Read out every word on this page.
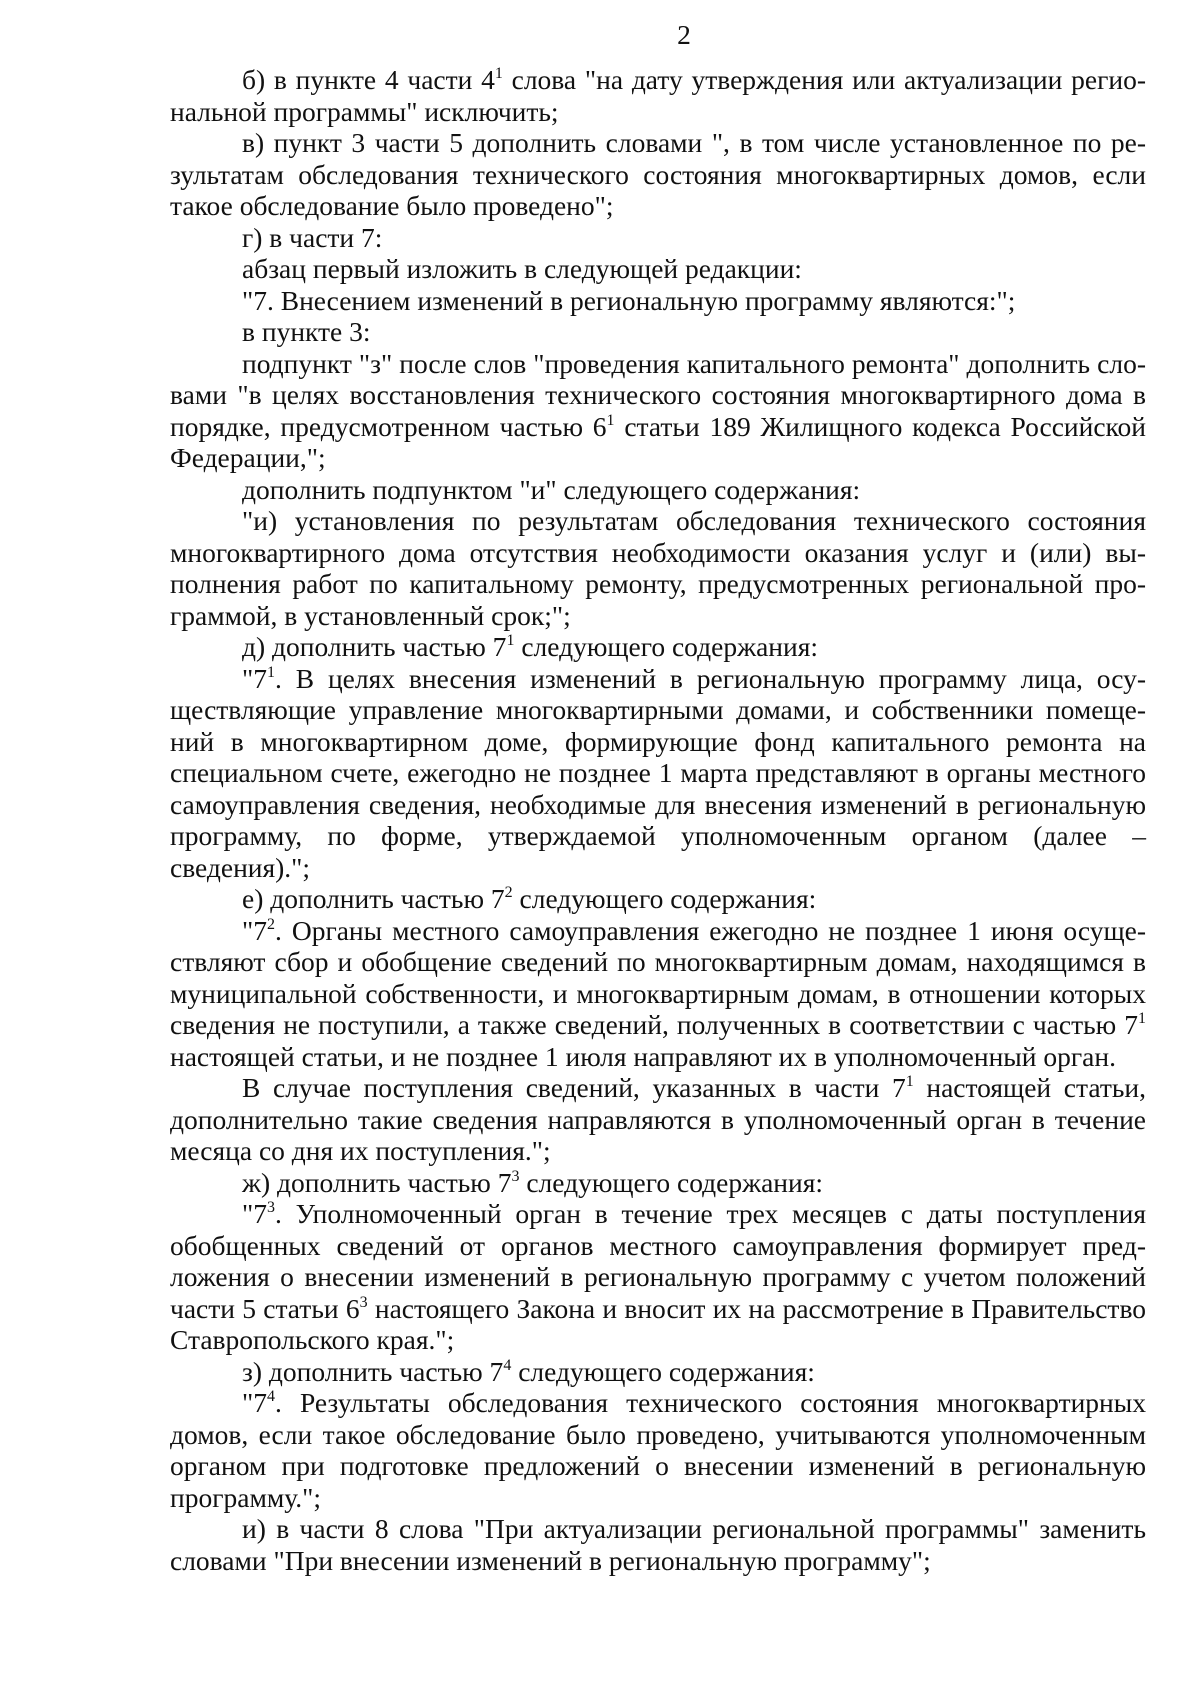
2

б) в пункте 4 части $4^1$ слова "на дату утверждения или актуализации региональной программы" исключить;

в) пункт 3 части 5 дополнить словами ", в том числе установленное по результатам обследования технического состояния многоквартирных домов, если такое обследование было проведено";

г) в части 7:

абзац первый изложить в следующей редакции:

"7. Внесением изменений в региональную программу являются:";

в пункте 3:

подпункт "з" после слов "проведения капитального ремонта" дополнить словами "в целях восстановления технического состояния многоквартирного дома в порядке, предусмотренном частью $6^1$ статьи 189 Жилищного кодекса Российской Федерации,";

дополнить подпунктом "и" следующего содержания:

"и) установления по результатам обследования технического состояния многоквартирного дома отсутствия необходимости оказания услуг и (или) выполнения работ по капитальному ремонту, предусмотренных региональной программой, в установленный срок;";

д) дополнить частью $7^1$ следующего содержания:

"$7^1$. В целях внесения изменений в региональную программу лица, осуществляющие управление многоквартирными домами, и собственники помещений в многоквартирном доме, формирующие фонд капитального ремонта на специальном счете, ежегодно не позднее 1 марта представляют в органы местного самоуправления сведения, необходимые для внесения изменений в региональную программу, по форме, утверждаемой уполномоченным органом (далее – сведения).";

е) дополнить частью $7^2$ следующего содержания:

"$7^2$. Органы местного самоуправления ежегодно не позднее 1 июня осуществляют сбор и обобщение сведений по многоквартирным домам, находящимся в муниципальной собственности, и многоквартирным домам, в отношении которых сведения не поступили, а также сведений, полученных в соответствии с частью $7^1$ настоящей статьи, и не позднее 1 июля направляют их в уполномоченный орган.

В случае поступления сведений, указанных в части $7^1$ настоящей статьи, дополнительно такие сведения направляются в уполномоченный орган в течение месяца со дня их поступления.";

ж) дополнить частью $7^3$ следующего содержания:

"$7^3$. Уполномоченный орган в течение трех месяцев с даты поступления обобщенных сведений от органов местного самоуправления формирует предложения о внесении изменений в региональную программу с учетом положений части 5 статьи $6^3$ настоящего Закона и вносит их на рассмотрение в Правительство Ставропольского края.";

з) дополнить частью $7^4$ следующего содержания:

"$7^4$. Результаты обследования технического состояния многоквартирных домов, если такое обследование было проведено, учитываются уполномоченным органом при подготовке предложений о внесении изменений в региональную программу.";

и) в части 8 слова "При актуализации региональной программы" заменить словами "При внесении изменений в региональную программу";
